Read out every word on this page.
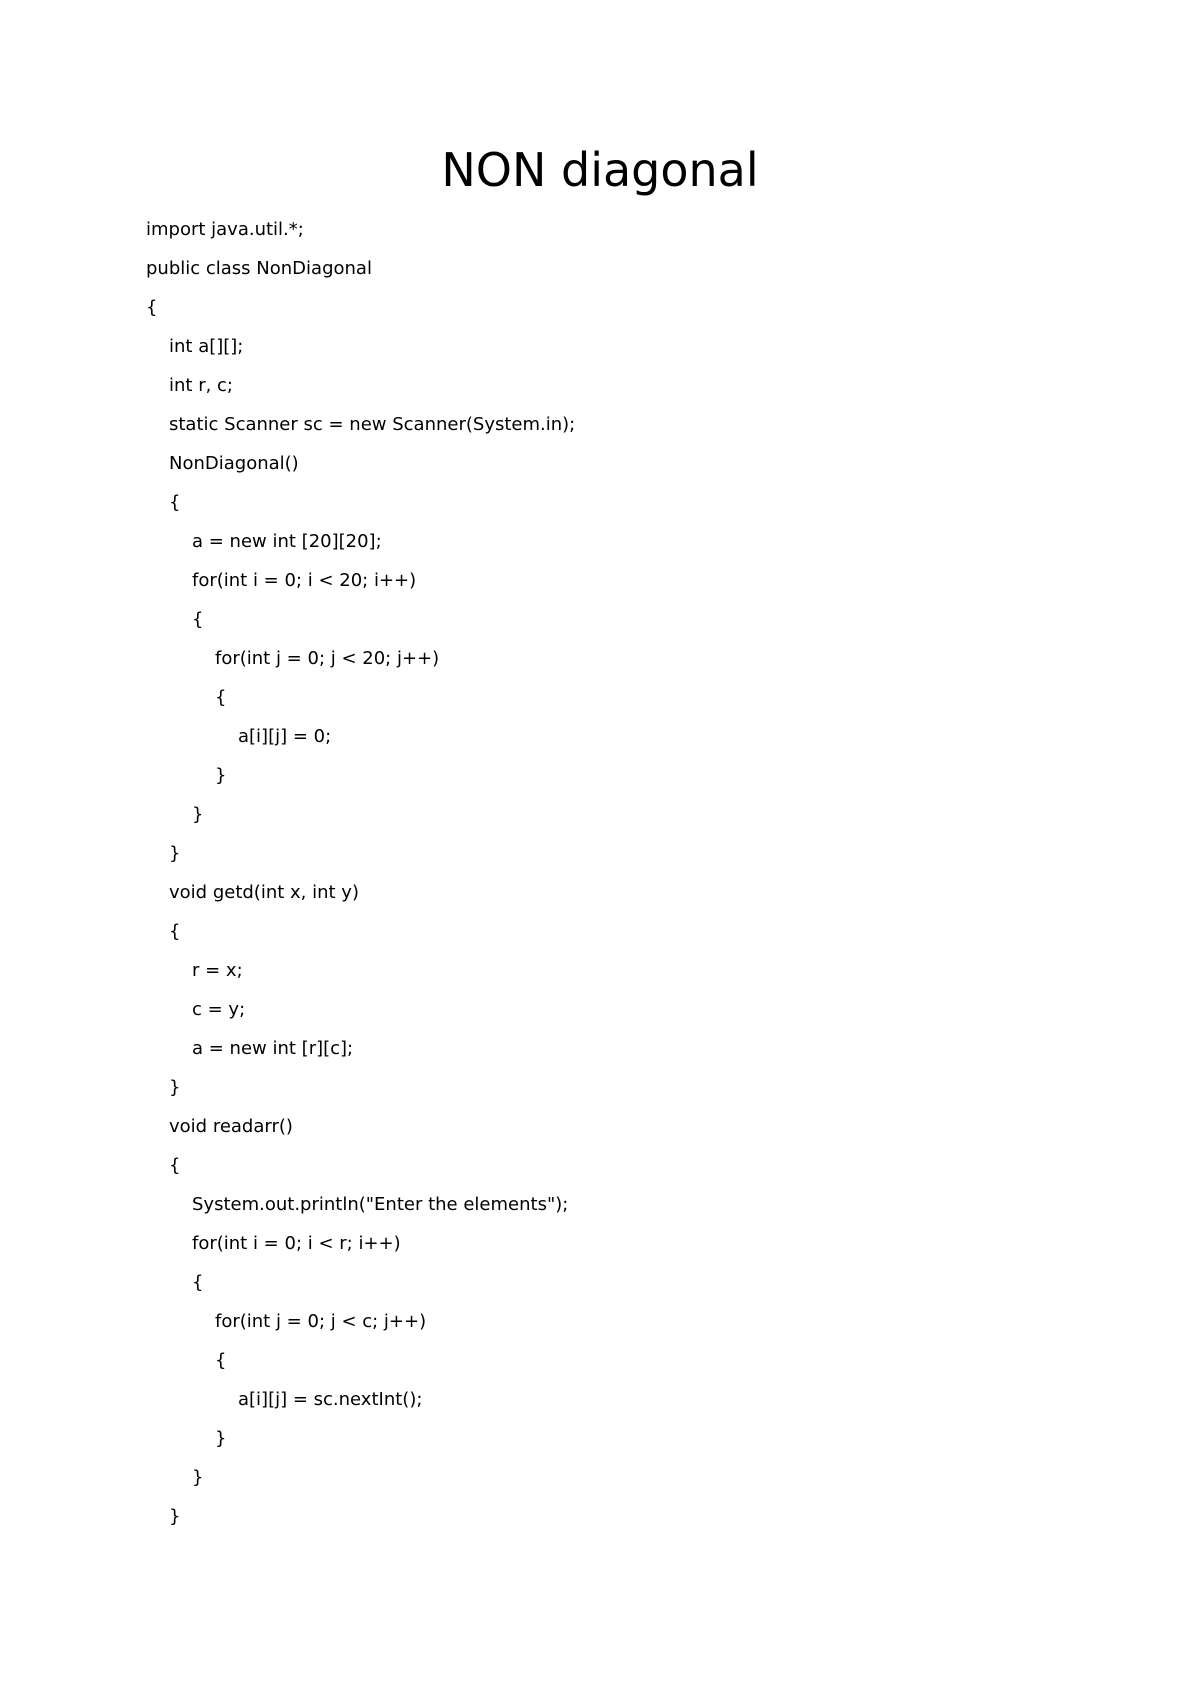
NON diagonal
import java.util.*;
public class NonDiagonal
{
int a[][];
int r, c;
static Scanner sc = new Scanner(System.in);
NonDiagonal()
{
a = new int [20][20];
for(int i = 0; i < 20; i++)
{
for(int j = 0; j < 20; j++)
{
a[i][j] = 0;
}
}
}
void getd(int x, int y)
{
r = x;
c = y;
a = new int [r][c];
}
void readarr()
{
System.out.println("Enter the elements");
for(int i = 0; i < r; i++)
{
for(int j = 0; j < c; j++)
{
a[i][j] = sc.nextInt();
}
}
}
